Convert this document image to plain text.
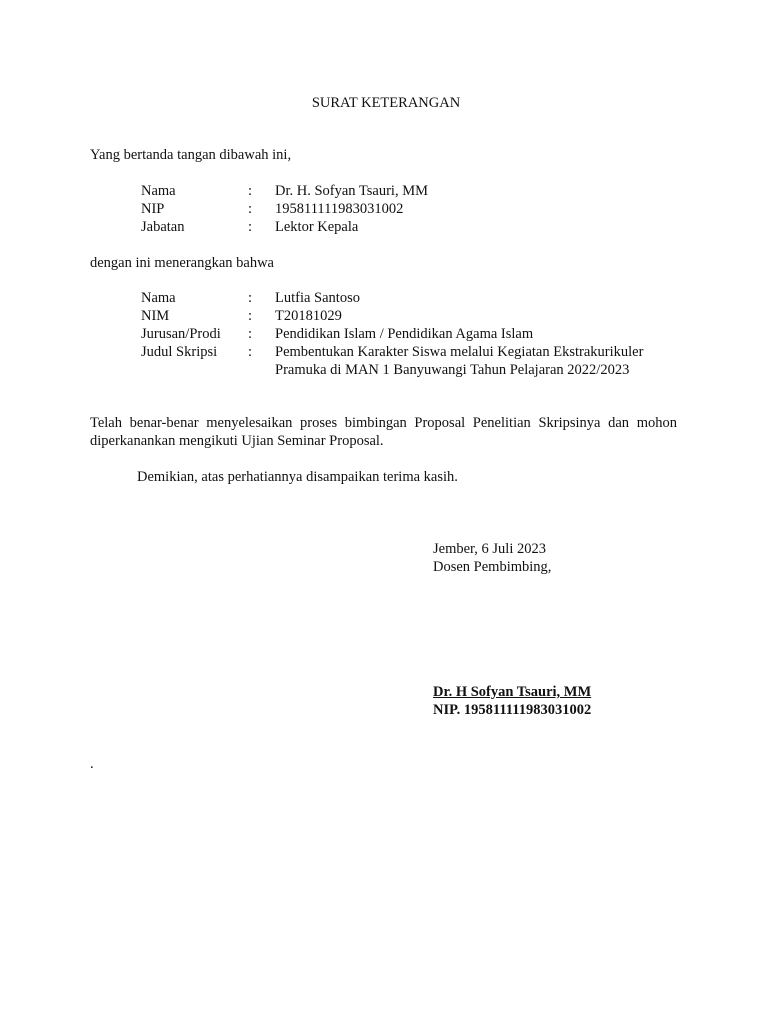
SURAT KETERANGAN
Yang bertanda tangan dibawah ini,
Nama	: Dr. H. Sofyan Tsauri, MM
NIP	: 195811111983031002
Jabatan	: Lektor Kepala
dengan ini menerangkan bahwa
Nama	: Lutfia Santoso
NIM	: T20181029
Jurusan/Prodi : Pendidikan Islam / Pendidikan Agama Islam
Judul Skripsi : Pembentukan Karakter Siswa melalui Kegiatan Ekstrakurikuler
Pramuka di MAN 1 Banyuwangi Tahun Pelajaran 2022/2023
Telah benar-benar menyelesaikan proses bimbingan Proposal Penelitian Skripsinya dan mohon diperkanankan mengikuti Ujian Seminar Proposal.
Demikian, atas perhatiannya disampaikan terima kasih.
Jember, 6 Juli 2023
Dosen Pembimbing,
Dr. H Sofyan Tsauri, MM
NIP. 195811111983031002
.
